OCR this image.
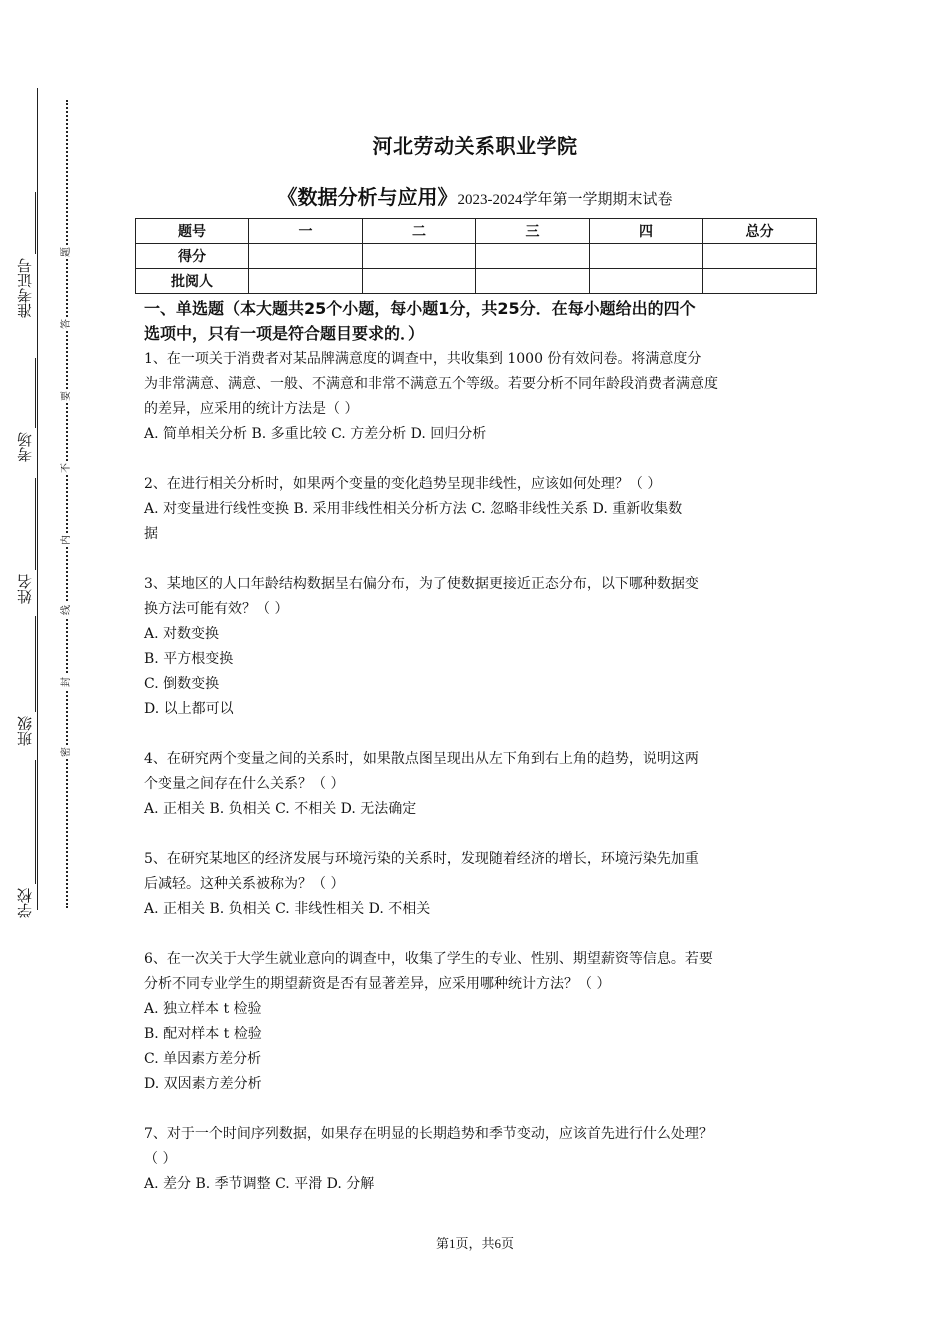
准考证号
考场
姓名
班级
学校
题
答
要
不
内
线
封
密
河北劳动关系职业学院
《数据分析与应用》2023-2024学年第一学期期末试卷
题号	一	二	三	四	总分
得分					
批阅人					
一、单选题（本大题共25个小题，每小题1分，共25分．在每小题给出的四个
选项中，只有一项是符合题目要求的．）
1、在一项关于消费者对某品牌满意度的调查中，共收集到 1000 份有效问卷。将满意度分
为非常满意、满意、一般、不满意和非常不满意五个等级。若要分析不同年龄段消费者满意度
的差异，应采用的统计方法是（ ）
A. 简单相关分析 B. 多重比较 C. 方差分析 D. 回归分析
2、在进行相关分析时，如果两个变量的变化趋势呈现非线性，应该如何处理？（ ）
A. 对变量进行线性变换 B. 采用非线性相关分析方法 C. 忽略非线性关系 D. 重新收集数
据
3、某地区的人口年龄结构数据呈右偏分布，为了使数据更接近正态分布，以下哪种数据变
换方法可能有效？（ ）
A. 对数变换
B. 平方根变换
C. 倒数变换
D. 以上都可以
4、在研究两个变量之间的关系时，如果散点图呈现出从左下角到右上角的趋势，说明这两
个变量之间存在什么关系？（ ）
A. 正相关 B. 负相关 C. 不相关 D. 无法确定
5、在研究某地区的经济发展与环境污染的关系时，发现随着经济的增长，环境污染先加重
后减轻。这种关系被称为？（ ）
A. 正相关 B. 负相关 C. 非线性相关 D. 不相关
6、在一次关于大学生就业意向的调查中，收集了学生的专业、性别、期望薪资等信息。若要
分析不同专业学生的期望薪资是否有显著差异，应采用哪种统计方法？（ ）
A. 独立样本 t 检验
B. 配对样本 t 检验
C. 单因素方差分析
D. 双因素方差分析
7、对于一个时间序列数据，如果存在明显的长期趋势和季节变动，应该首先进行什么处理？
（ ）
A. 差分 B. 季节调整 C. 平滑 D. 分解
第1页，共6页
